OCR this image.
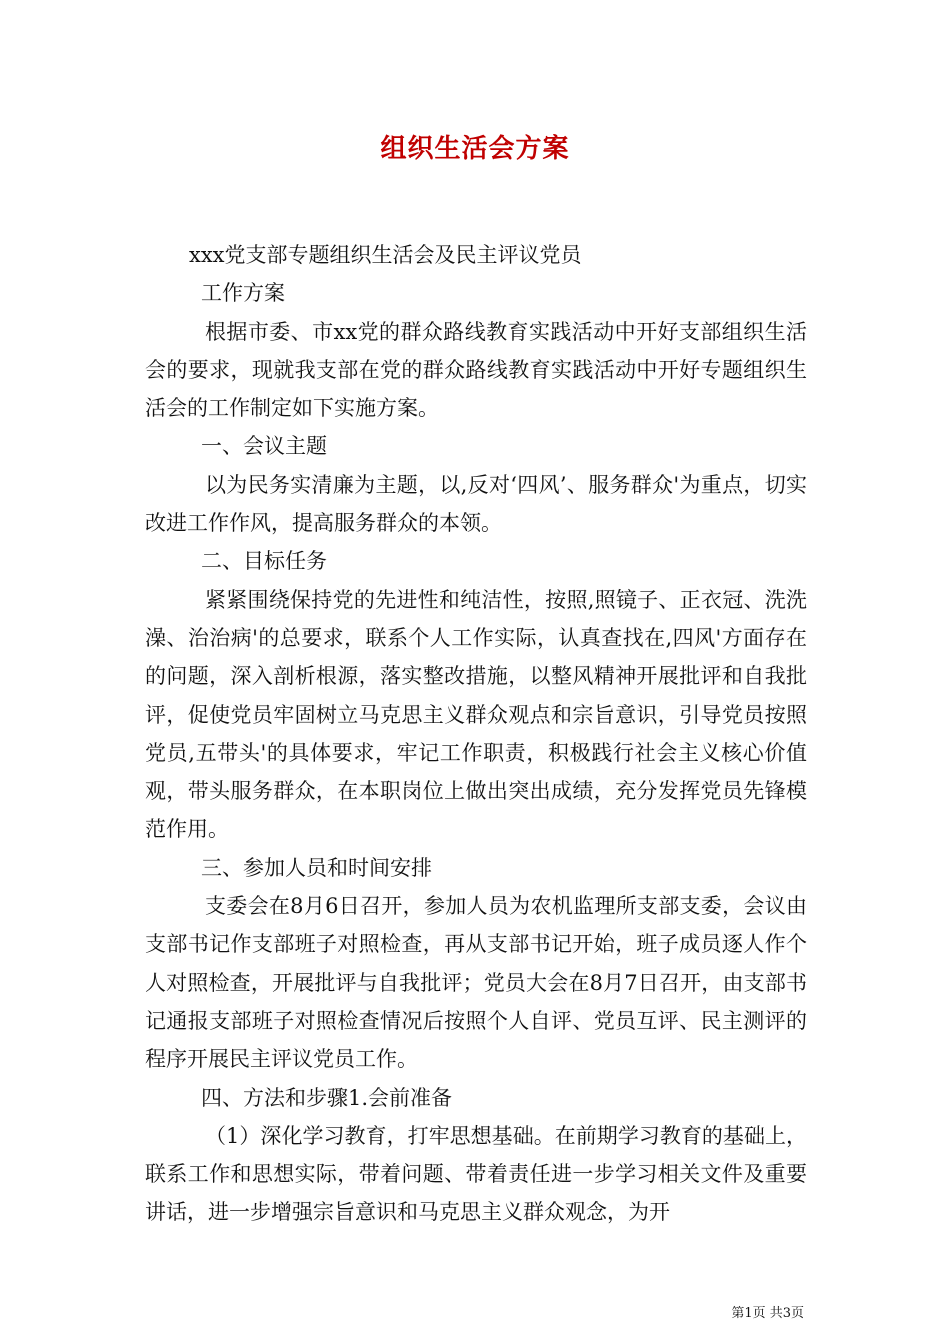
组织生活会方案

xxx党支部专题组织生活会及民主评议党员

工作方案

根据市委、市xx党的群众路线教育实践活动中开好支部组织生活会的要求，现就我支部在党的群众路线教育实践活动中开好专题组织生活会的工作制定如下实施方案。

一、会议主题

以为民务实清廉为主题，以,反对‘四风’、服务群众'为重点，切实改进工作作风，提高服务群众的本领。

二、目标任务

紧紧围绕保持党的先进性和纯洁性，按照,照镜子、正衣冠、洗洗澡、治治病'的总要求，联系个人工作实际，认真查找在,四风'方面存在的问题，深入剖析根源，落实整改措施，以整风精神开展批评和自我批评，促使党员牢固树立马克思主义群众观点和宗旨意识，引导党员按照党员,五带头'的具体要求，牢记工作职责，积极践行社会主义核心价值观，带头服务群众，在本职岗位上做出突出成绩，充分发挥党员先锋模范作用。

三、参加人员和时间安排

支委会在8月6日召开，参加人员为农机监理所支部支委，会议由支部书记作支部班子对照检查，再从支部书记开始，班子成员逐人作个人对照检查，开展批评与自我批评；党员大会在8月7日召开，由支部书记通报支部班子对照检查情况后按照个人自评、党员互评、民主测评的程序开展民主评议党员工作。

四、方法和步骤1.会前准备

（1）深化学习教育，打牢思想基础。在前期学习教育的基础上，联系工作和思想实际，带着问题、带着责任进一步学习相关文件及重要讲话，进一步增强宗旨意识和马克思主义群众观念，为开

第1页 共3页
